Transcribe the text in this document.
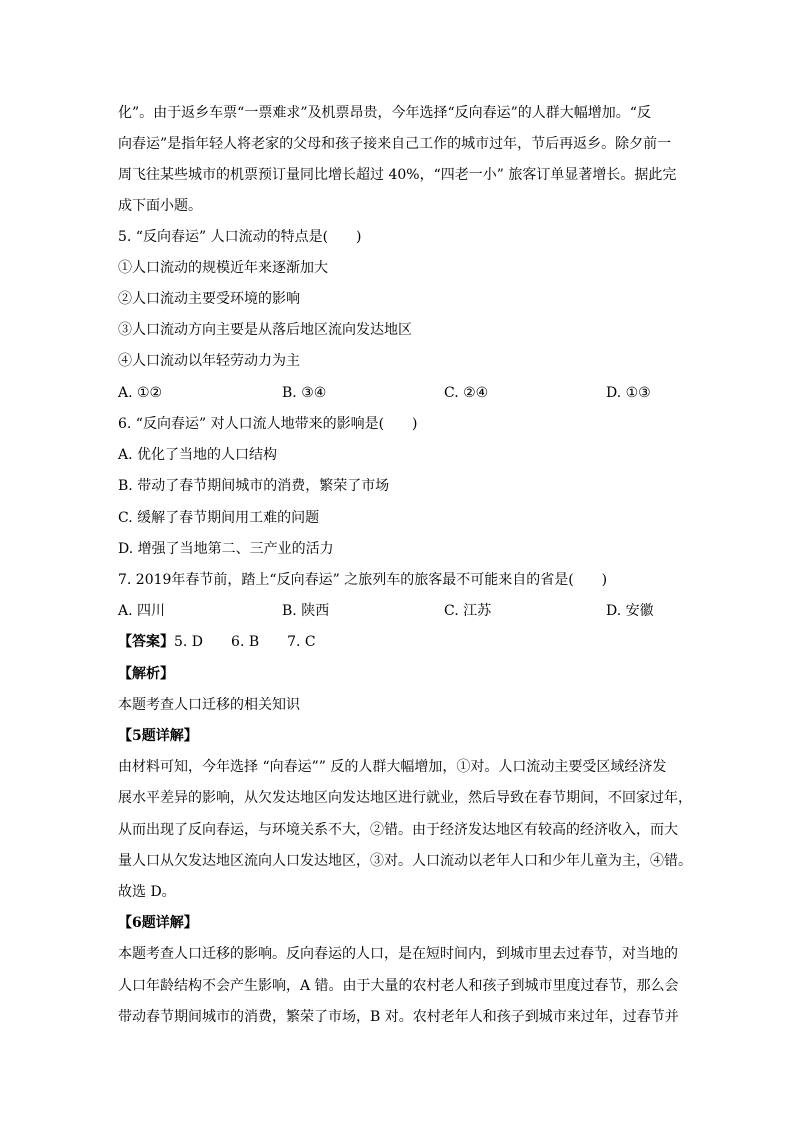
化”。由于返乡车票“一票难求”及机票昂贵，今年选择“反向春运”的人群大幅增加。“反
向春运”是指年轻人将老家的父母和孩子接来自己工作的城市过年，节后再返乡。除夕前一
周飞往某些城市的机票预订量同比增长超过 40%，“四老一小” 旅客订单显著增长。据此完
成下面小题。
5. “反向春运” 人口流动的特点是(　　)
①人口流动的规模近年来逐渐加大
②人口流动主要受环境的影响
③人口流动方向主要是从落后地区流向发达地区
④人口流动以年轻劳动力为主
A. ①②	B. ③④	C. ②④	D. ①③
6. “反向春运” 对人口流人地带来的影响是(　　)
A. 优化了当地的人口结构
B. 带动了春节期间城市的消费，繁荣了市场
C. 缓解了春节期间用工难的问题
D. 增强了当地第二、三产业的活力
7. 2019年春节前，踏上“反向春运” 之旅列车的旅客最不可能来自的省是(　　)
A. 四川	B. 陕西	C. 江苏	D. 安徽
【答案】5. D　　6. B　　7. C
【解析】
本题考查人口迁移的相关知识
【5题详解】
由材料可知，今年选择 “向春运”” 反的人群大幅增加，①对。人口流动主要受区域经济发
展水平差异的影响，从欠发达地区向发达地区进行就业，然后导致在春节期间，不回家过年，
从而出现了反向春运，与环境关系不大，②错。由于经济发达地区有较高的经济收入，而大
量人口从欠发达地区流向人口发达地区，③对。人口流动以老年人口和少年儿童为主，④错。
故选 D。
【6题详解】
本题考查人口迁移的影响。反向春运的人口，是在短时间内，到城市里去过春节，对当地的
人口年龄结构不会产生影响，A 错。由于大量的农村老人和孩子到城市里度过春节，那么会
带动春节期间城市的消费，繁荣了市场，B 对。农村老年人和孩子到城市来过年，过春节并
